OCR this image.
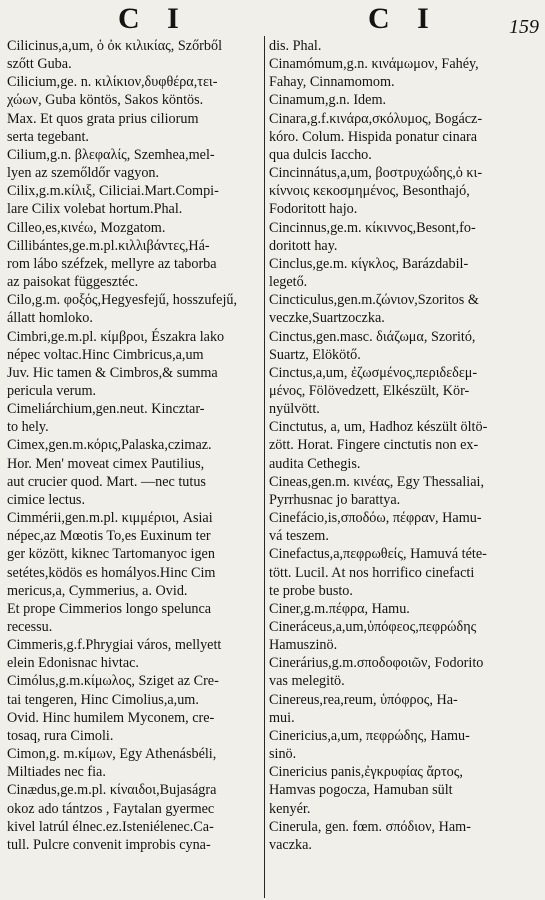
C I	C I	159
Cilicinus,a,um, ὁ ὀκ κιλικίας, Szőrből
szőtt Guba.
Cilicium,ge. n. κιλίκιον,δυφθέρα,τει-
χώων, Guba köntös, Sakos köntös.
Max. Et quos grata prius ciliorum
serta tegebant.
Cilium,g.n. βλεφαλίς, Szemhea,mel-
lyen az szemőldőr vagyon.
Cilix,g.m.κίλιξ, Ciliciai.Mart.Compi-
lare Cilix volebat hortum.Phal.
Cilleo,es,κινέω, Mozgatom.
Cillibántes,ge.m.pl.κιλλιβάντες,Há-
rom lábo széfzek, mellyre az taborba
az paisokat függesztéc.
Cilo,g.m. φοξός,Hegyesfejű, hosszufejű,
állatt homloko.
Cimbri,ge.m.pl. κίμβροι, Északra lako
népec voltac.Hinc Cimbricus,a,um
Juv. Hic tamen & Cimbros,& summa
pericula verum.
Cimeliárchium,gen.neut. Kincztar-
to hely.
Cimex,gen.m.κόρις,Palaska,czimaz.
Hor. Men' moveat cimex Pautilius,
aut crucier quod. Mart. —nec tutus
cimice lectus.
Cimmérii,gen.m.pl. κιμμέριοι, Asiai
népec,az Mœotis To,es Euxinum ter
ger között, kiknec Tartomanyoc igen
setétes,ködös es homályos.Hinc Cim
mericus,a, Cymmerius, a. Ovid.
Et prope Cimmerios longo spelunca
recessu.
Cimmeris,g.f.Phrygiai város, mellyett
elein Edonisnac hivtac.
Cimólus,g.m.κίμωλος, Sziget az Cre-
tai tengeren, Hinc Cimolius,a,um.
Ovid. Hinc humilem Myconem, cre-
tosaq, rura Cimoli.
Cimon,g. m.κίμων, Egy Athenásbéli,
Miltiades nec fia.
Cinædus,ge.m.pl. κίναιδοι,Bujaságra
okoz ado tántzos , Faytalan gyermec
kivel latrúl élnec.ez.Isteniélenec.Ca-
tull. Pulcre convenit improbis cyna-
dis. Phal.
Cinamómum,g.n. κινάμωμον, Fahéy,
Fahay, Cinnamomom.
Cinamum,g.n. Idem.
Cinara,g.f.κινάρα,σκόλυμος, Bogácz-
kóro. Colum. Hispida ponatur cinara
qua dulcis Iaccho.
Cincinnátus,a,um, βοστρυχώδης,ὁ κι-
κίννοις κεκοσμημένος, Besonthajó,
Fodoritott hajo.
Cincinnus,ge.m. κίκιννος,Besont,fo-
doritott hay.
Cinclus,ge.m. κίγκλος, Barázdabil-
legető.
Cincticulus,gen.m.ζώνιον,Szoritos &
veczke,Suartzoczka.
Cinctus,gen.masc. διάζωμα, Szoritó,
Suartz, Elökötő.
Cinctus,a,um, ἐζωσμένος,περιδεδεμ-
μένος, Fölövedzett, Elkészült, Kör-
nyülvött.
Cinctutus, a, um, Hadhoz készült öltö-
zött. Horat. Fingere cinctutis non ex-
audita Cethegis.
Cineas,gen.m. κινέας, Egy Thessaliai,
Pyrrhusnac jo barattya.
Cinefácio,is,σποδόω, πέφραν, Hamu-
vá teszem.
Cinefactus,a,πεφρωθείς, Hamuvá téte-
tött. Lucil. At nos horrifico cinefacti
te probe busto.
Ciner,g.m.πέφρα, Hamu.
Cineráceus,a,um,ὑπόφεος,πεφρώδης
Hamuszinö.
Cinerárius,g.m.σποδοφοιῶν, Fodorito
vas melegitö.
Cinereus,rea,reum, ὑπόφρος, Ha-
mui.
Cinericius,a,um, πεφρώδης, Hamu-
sinö.
Cinericius panis,ἐγκρυφίας ἄρτος,
Hamvas pogocza, Hamuban sült
kenyér.
Cinerula, gen. fœm. σπόδιον, Ham-
vaczka.
